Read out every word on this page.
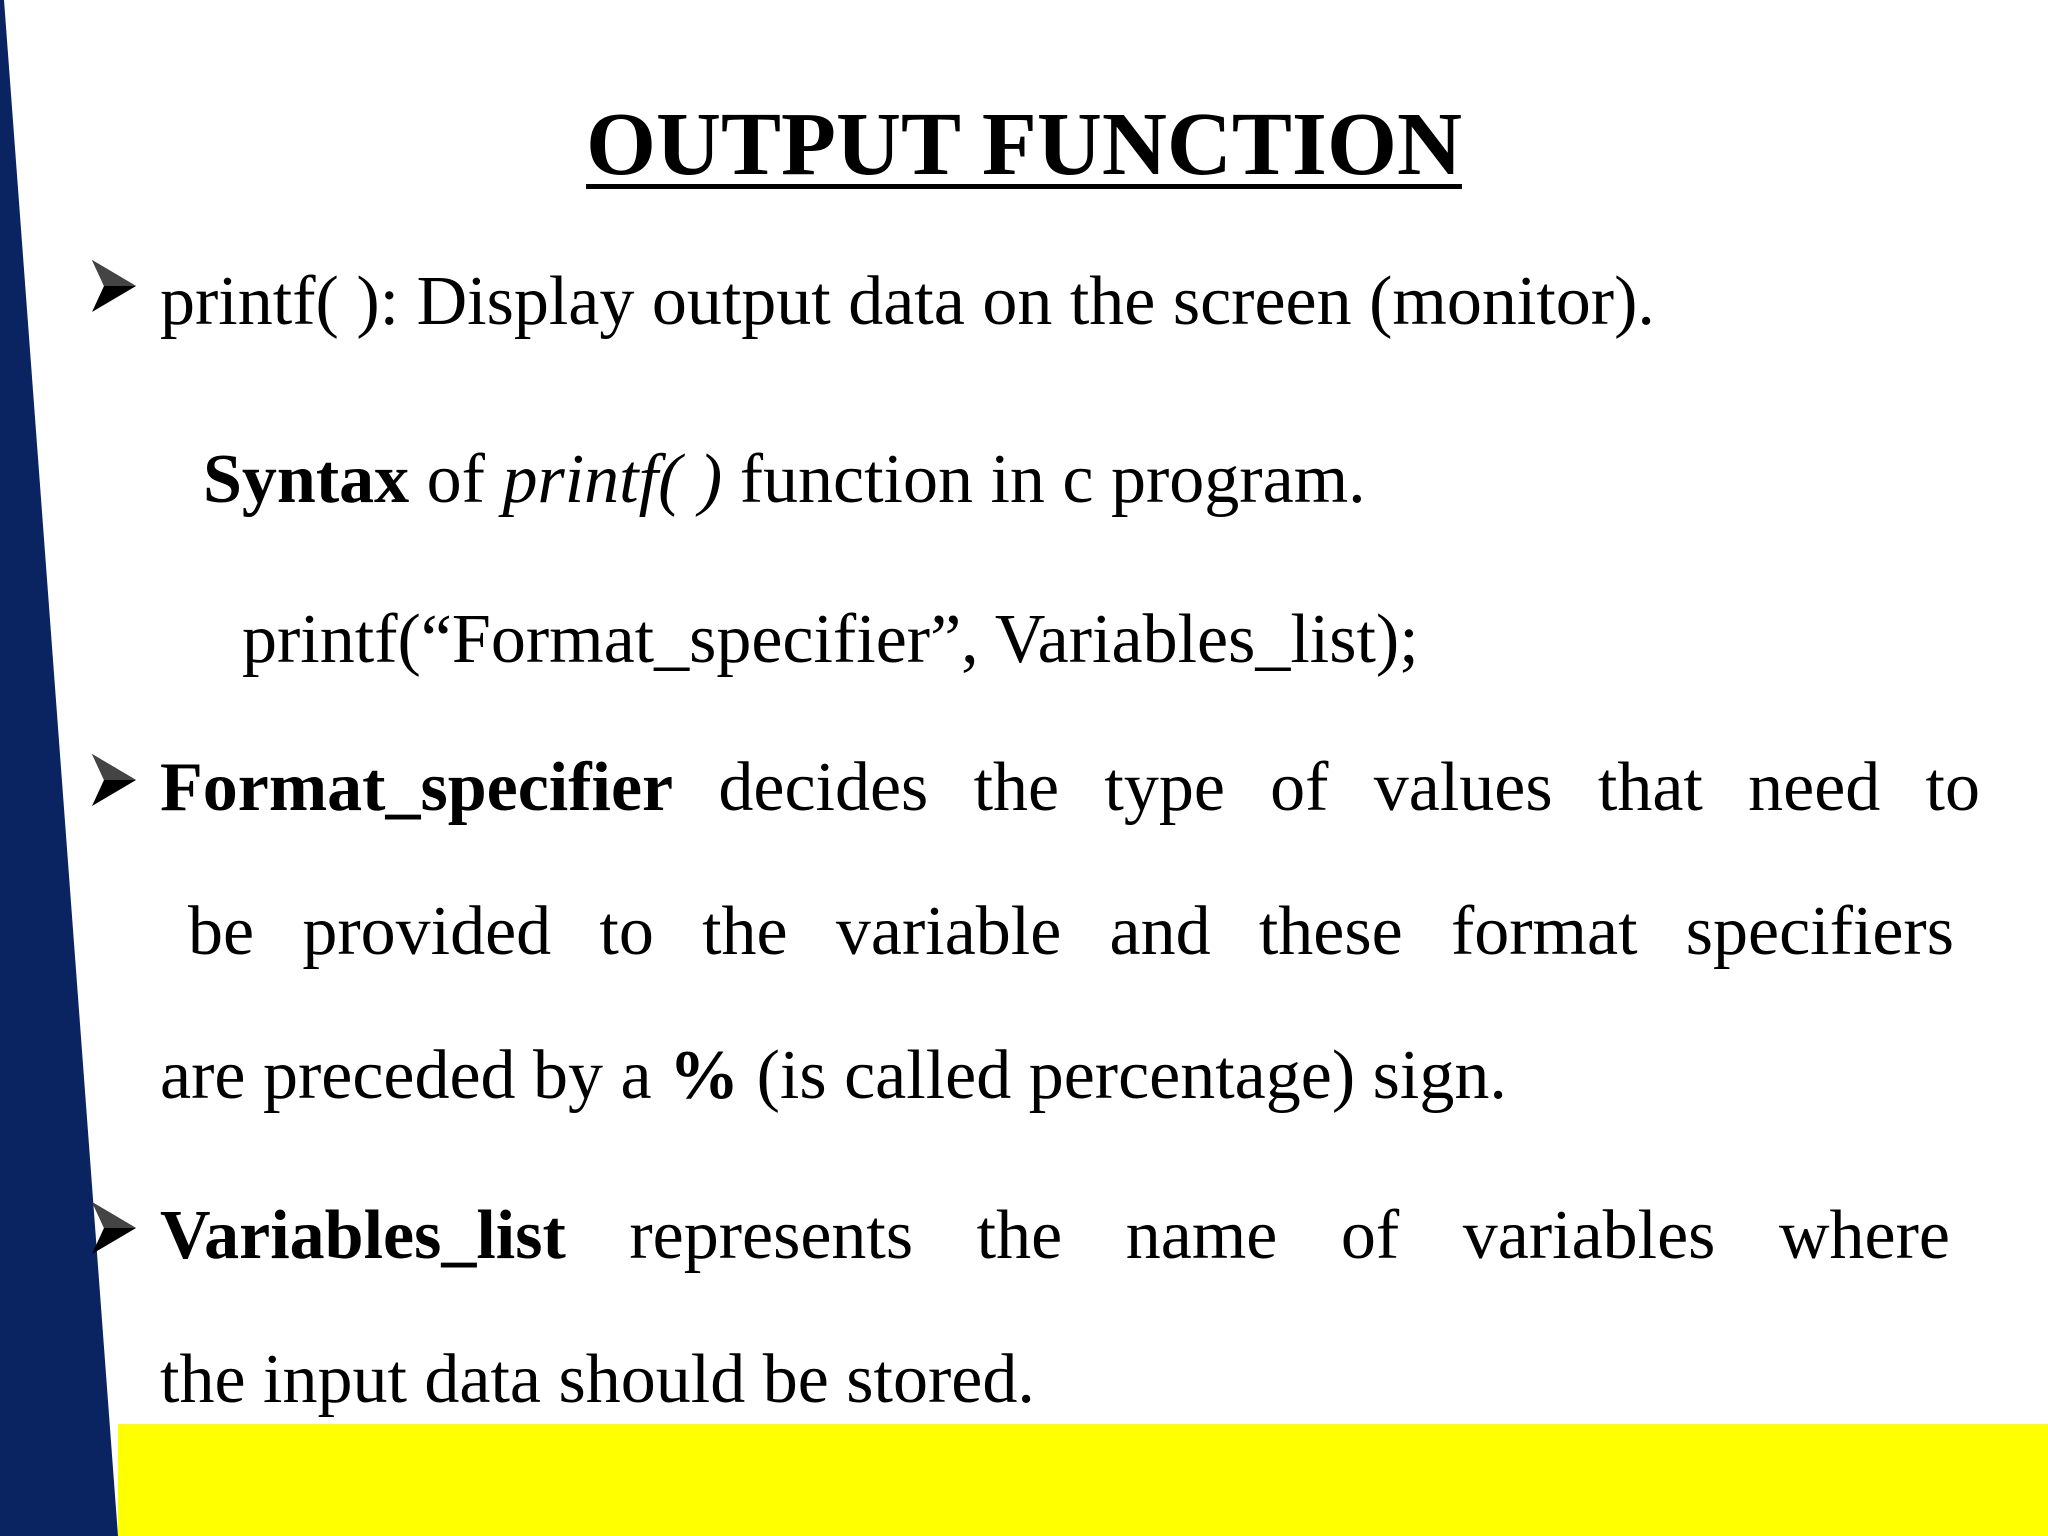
OUTPUT FUNCTION
printf( ): Display output data on the screen (monitor).
Syntax of printf( ) function in c program.
printf(“Format_specifier”, Variables_list);
Format_specifier decides the type of values that need to
be provided to the variable and these format specifiers
are preceded by a % (is called percentage) sign.
Variables_list represents the name of variables where
the input data should be stored.
